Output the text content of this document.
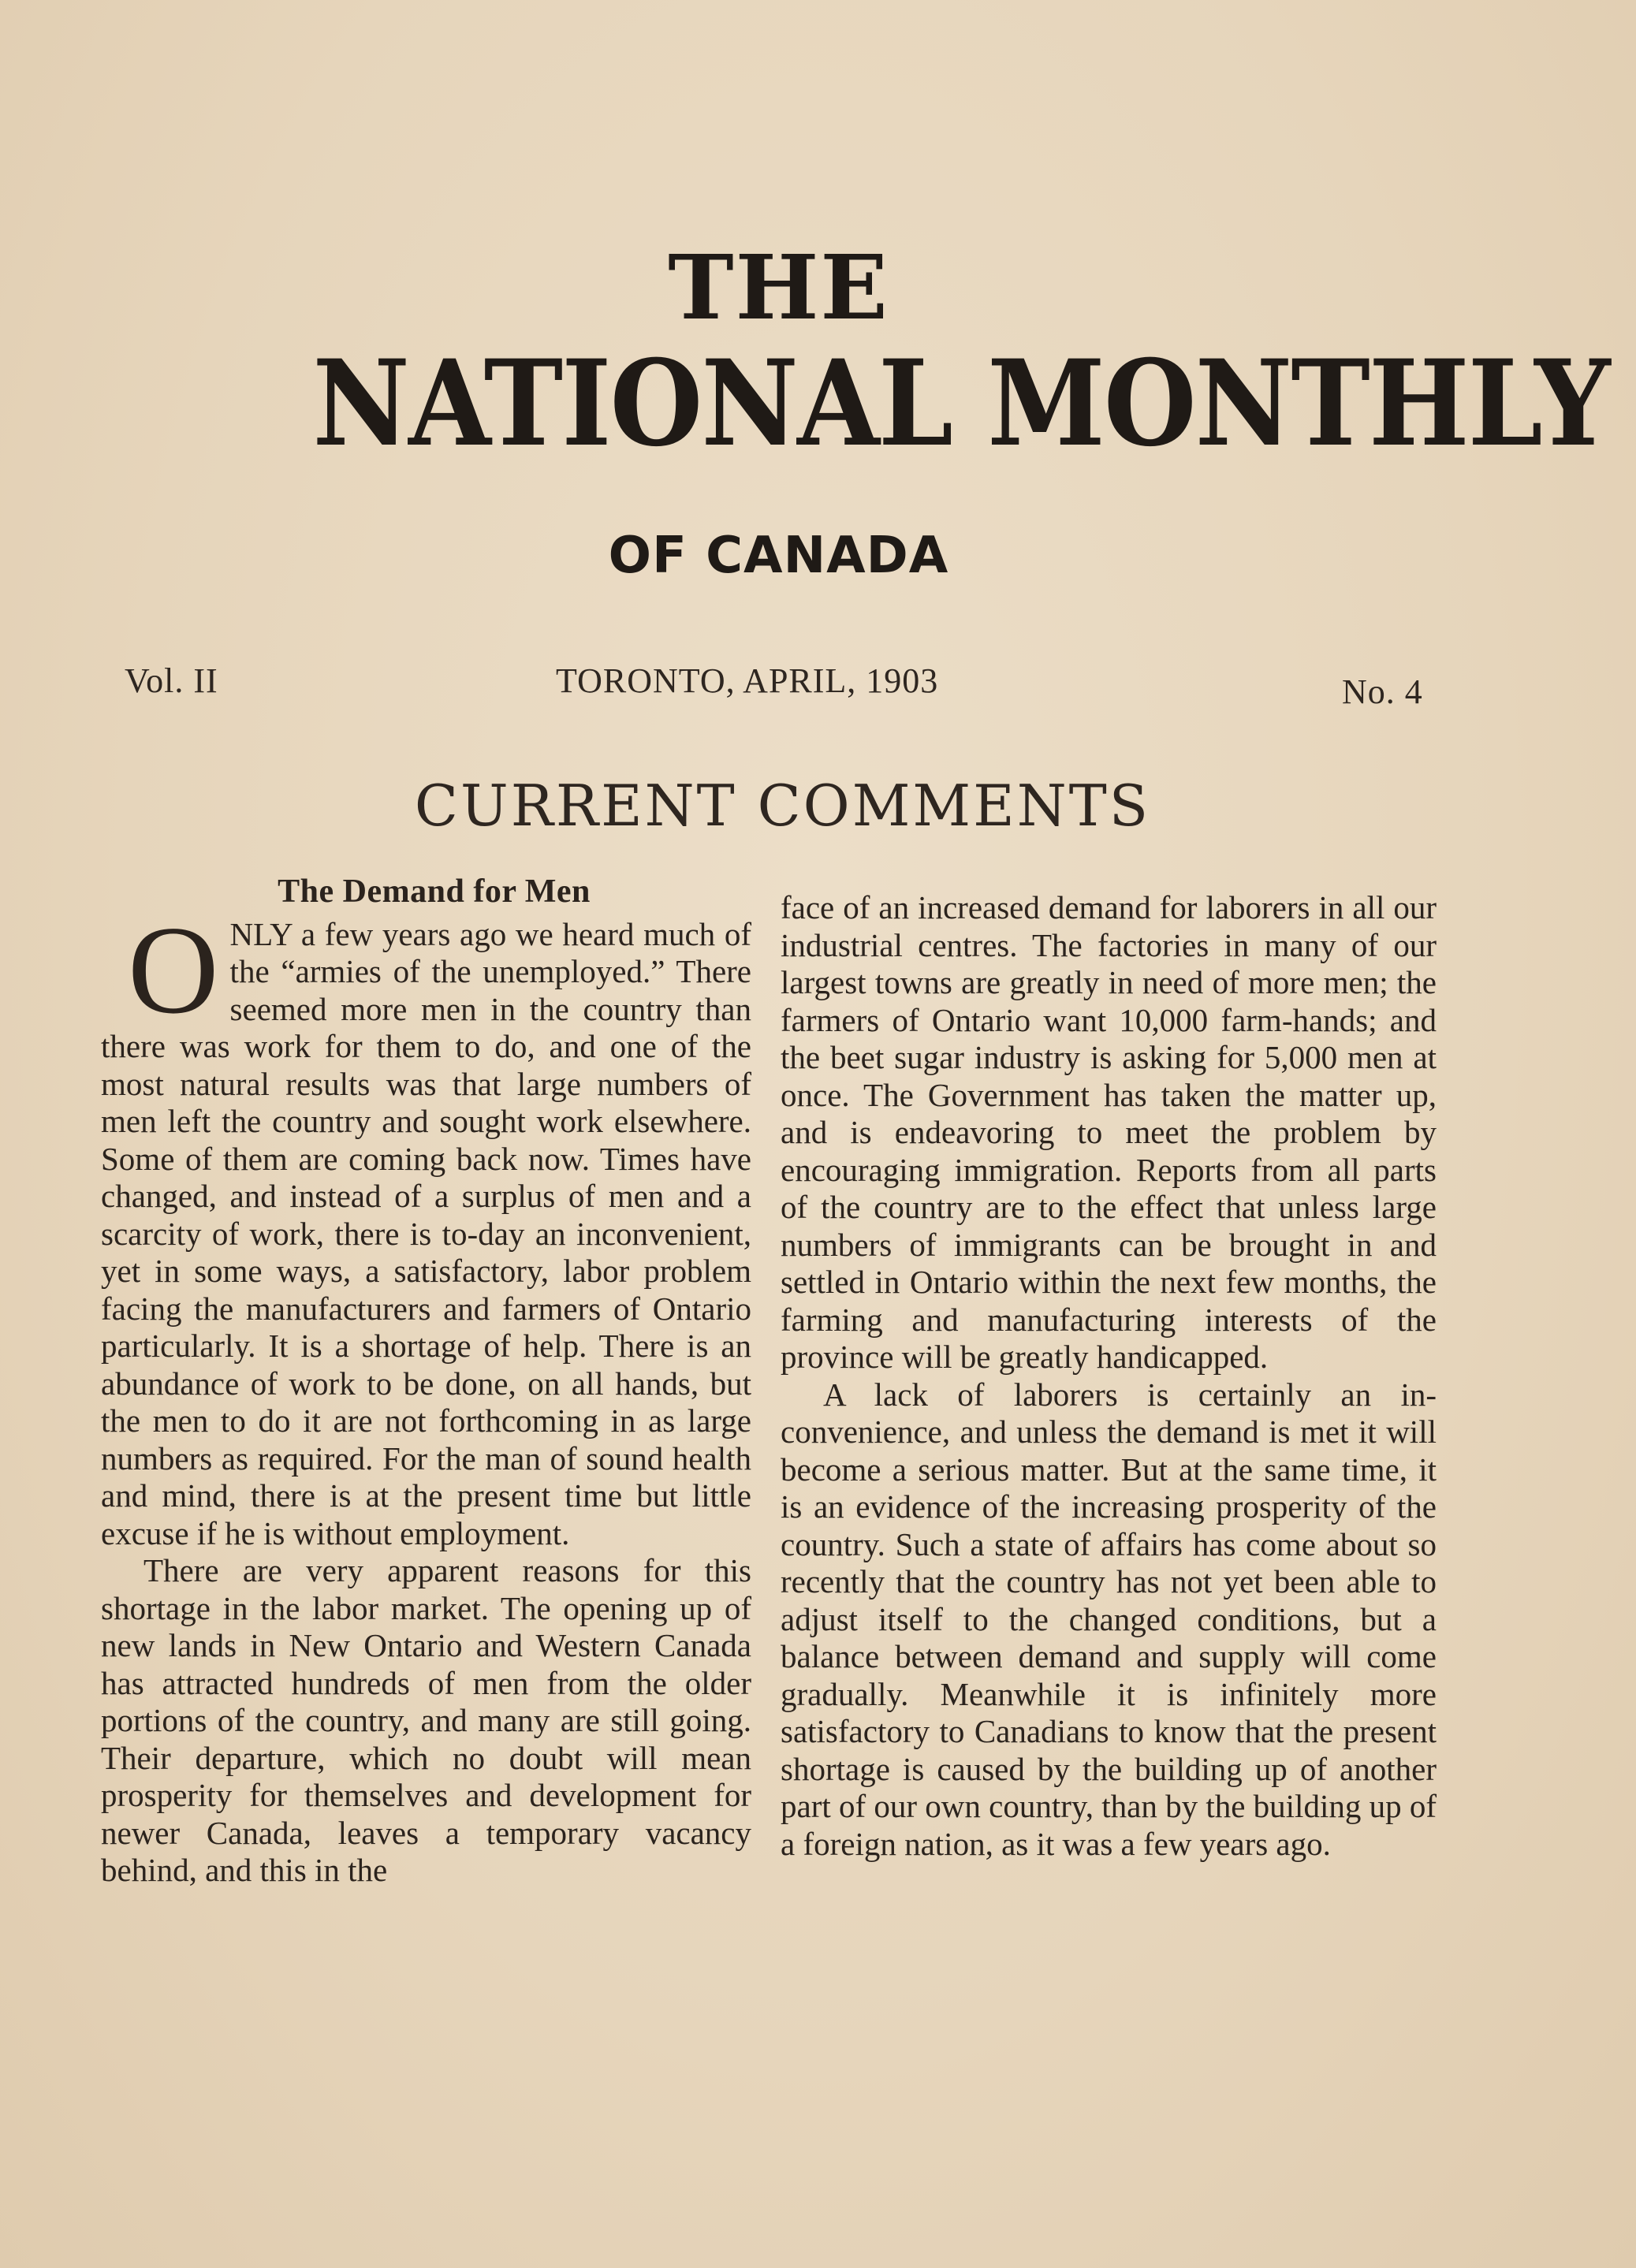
THE
NATIONAL MONTHLY
OF CANADA
Vol. II	TORONTO, APRIL, 1903	No. 4
CURRENT COMMENTS
The Demand for Men

ONLY a few years ago we heard much of the “armies of the unemployed.” There seemed more men in the country than there was work for them to do, and one of the most natural results was that large numbers of men left the country and sought work elsewhere. Some of them are coming back now. Times have changed, and instead of a surplus of men and a scarcity of work, there is to-day an inconvenient, yet in some ways, a satisfactory, labor problem facing the manufacturers and farmers of Ontario particularly. It is a shortage of help. There is an abundance of work to be done, on all hands, but the men to do it are not forthcoming in as large numbers as required. For the man of sound health and mind, there is at the present time but little excuse if he is without employment.

There are very apparent reasons for this shortage in the labor market. The opening up of new lands in New Ontario and Western Canada has attracted hundreds of men from the older portions of the country, and many are still going. Their departure, which no doubt will mean prosperity for themselves and development for newer Canada, leaves a temporary vacancy behind, and this in the

face of an increased demand for laborers in all our industrial centres. The factories in many of our largest towns are greatly in need of more men; the farmers of Ontario want 10,000 farm-hands; and the beet sugar industry is asking for 5,000 men at once. The Government has taken the matter up, and is endeavoring to meet the problem by encouraging immigration. Reports from all parts of the country are to the effect that unless large numbers of immigrants can be brought in and settled in Ontario within the next few months, the farming and manufacturing interests of the province will be greatly handicapped.

A lack of laborers is certainly an inconvenience, and unless the demand is met it will become a serious matter. But at the same time, it is an evidence of the increasing prosperity of the country. Such a state of affairs has come about so recently that the country has not yet been able to adjust itself to the changed conditions, but a balance between demand and supply will come gradually. Meanwhile it is infinitely more satisfactory to Canadians to know that the present shortage is caused by the building up of another part of our own country, than by the building up of a foreign nation, as it was a few years ago.
